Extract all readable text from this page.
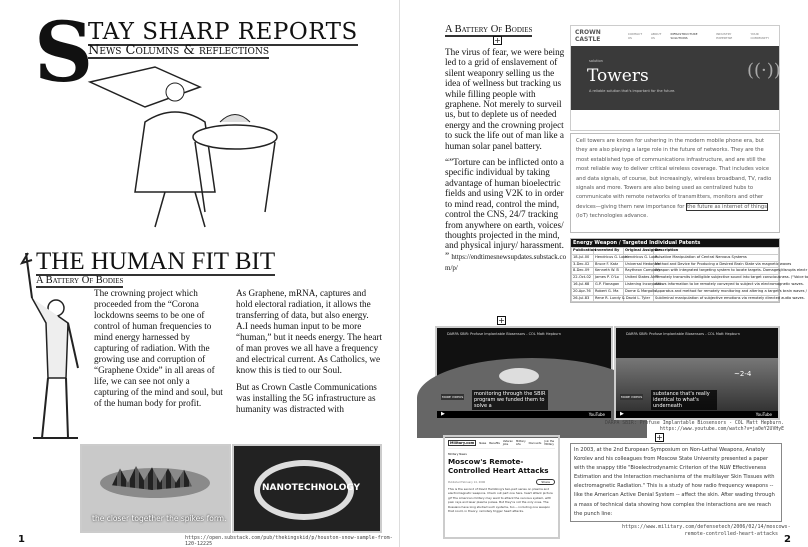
S
TAY SHARP REPORTS
News Columns & reflections
THE HUMAN FIT BIT
A Battery Of Bodies

The crowning project which proceeded from the “Corona lockdowns seems to be one of control of human frequencies to mind energy harnessed by capturing of radiation. With the growing use and corruption of “Graphene Oxide” in all areas of life, we can see not only a capturing of the mind and soul, but of the human body for profit.

As Graphene, mRNA, captures and hold electoral radiation, it allows the transferring of data, but also energy. A.I needs human input to be more “human,” but it needs energy. The heart of man proves we all have a frequency and electrical current. As Catholics, we know this is tied to our Soul.

But as Crown Castle Communications was installing the 5G infrastructure as humanity was distracted with

the closer together the spikes form.
NANOTECHNOLOGY
https://open.substack.com/pub/thekingskid/p/houston-snow-sample-from-120-12225
1
A Battery Of Bodies
+

The virus of fear, we were being led to a grid of enslavement of silent weaponry selling us the idea of wellness but tracking us while filling people with graphene. Not merely to surveil us, but to deplete us of needed energy and the crowning project to suck the life out of man like a human solar panel battery.

“”Torture can be inflicted onto a specific individual by taking advantage of human bioelectric fields and using V2K to in order to mind read, control the mind, control the CNS, 24/7 tracking from anywhere on earth, voices/ thoughts projected in the mind, and physical injury/ harassment. ” https://endtimesnewsupdates.substack.com/p/

CROWN CASTLE
CONTACT US
ABOUT US
INFRASTRUCTURE SOLUTIONS
INDUSTRY EXPERTISE
YOUR COMMUNITY
solution
Towers
A reliable solution that's important for the future.
((·))
Cell towers are known for ushering in the modern mobile phone era, but they are also playing a large role in the future of networks. They are the most established type of communications infrastructure, and are still the most reliable way to deliver critical wireless coverage. That includes voice and data signals, of course, but increasingly, wireless broadband, TV, radio signals and more. Towers are also being used as centralized hubs to communicate with remote networks of transmitters, monitors and other devices—giving them new importance for the future as internet of things (IoT) technologies advance.
Energy Weapon / Targeted Individual Patents
Publication	Invented By	Original Assignee	Description
18-Jul-00	Hendricus G. Loos	Hendricus G. Loos	Pulsative Manipulation of Central Nervous Systems
3-Dec-02	Bruce F. Katz	Universal Hedonics	Method and Device for Producing a Desired Brain State via magnetic waves
8-Dec-09	Kenneth W. B	Raytheon Company	Weapon with integrated targeting system to locate targets. Damages/disrupts electr
22-Oct-02	James P. O'Lo	United States Air F	Remotely transmits intelligible subjective sound into target consciousness. ("Voice to
16-Jul-68	G.P. Flanagan	Listening Incorporat	Allows information to be remotely conveyed to subject via electromagnetic waves.
20-Apr-76	Robert G. Ma	Dorne & Margolin	Apparatus and method for remotely monitoring and altering a target's brain waves /
26-Jul-83	Rene R. Lundy & David L. Tyler		Subliminal manipulation of subjective emotions via remotely directed audio waves.
+
DARPA SBIR: Profuse Implantable Biosensors - COL Matt Hepburn
monitoring through the SBIR program we funded them to solve a
MORE VIDEOS
▶	YouTube
DARPA SBIR: Profuse Implantable Biosensors - COL Matt Hepburn
~2-4
substance that's really identical to what's underneath
MORE VIDEOS
▶	YouTube
DARPA SBIR: Profuse Implantable Biosensors - COL Matt Hepburn. https://www.youtube.com/watch?v=ja0eY2UVHyE
Military.com	News Benefits Veteran Jobs
Military Life	Discounts Join the Military
Military News
Moscow's Remote-Controlled Heart Attacks
Published February 14, 2006	Share
This is the second of David Hambling's two-part series on plasma and electromagnetic weapons. Check out part one here. heart attack picture gif The American military may want to attack the nervous system, with pain rays and laser plasma pulses. But they're not the only ones. The Russians have long studied such systems, too -- including one weapon that could, in theory, remotely trigger heart attacks.
+
In 2003, at the 2nd European Symposium on Non-Lethal Weapons, Anatoly Korolev and his colleagues from Moscow State University presented a paper with the snappy title "Bioelectrodynamic Criterion of the NLW Effectiveness Estimation and the Interaction mechanisms of the multilayer Skin Tissues with electromagnetic Radiation." This is a study of how radio frequency weapons -- like the American Active Denial System -- affect the skin. After wading through a mass of technical data showing how complex the interactions are we reach the punch line:
https://www.military.com/defensetech/2006/02/14/moscows-remote-controlled-heart-attacks
2
